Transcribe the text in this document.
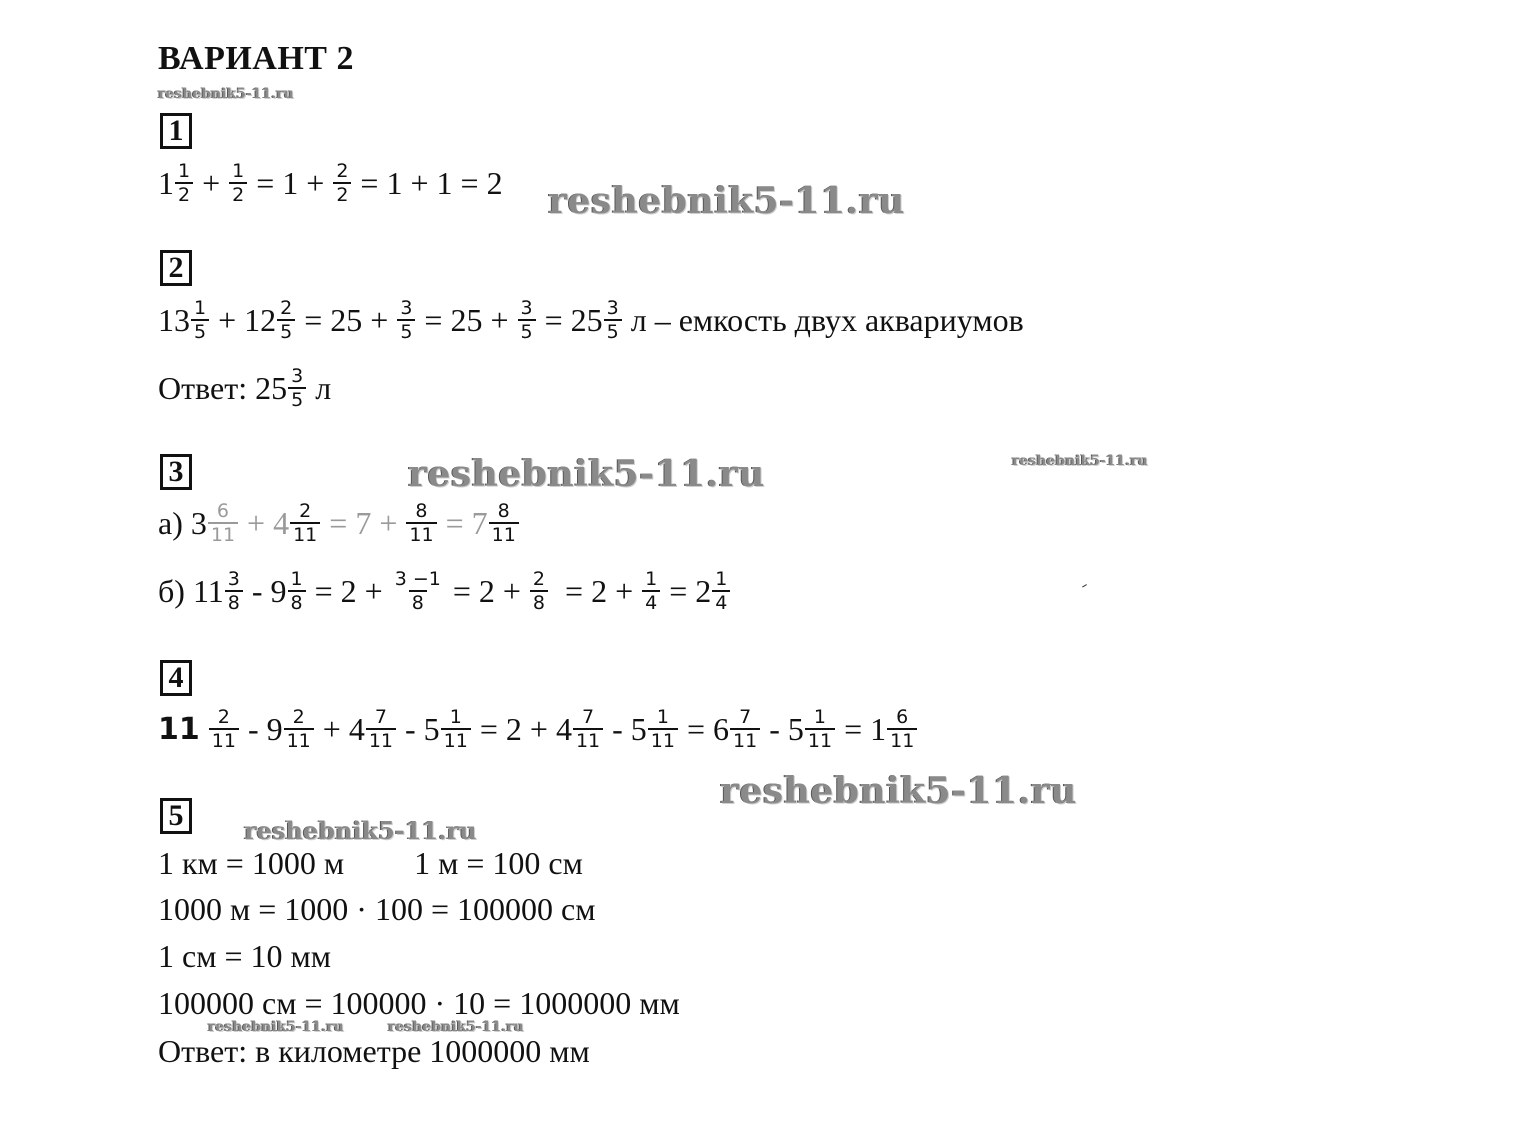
ВАРИАНТ 2
reshebnik5-11.ru
1
$1 \frac{1}{2}$
+
$\frac{1}{2}$
= 1 +
$\frac{2}{2}$
= 1 + 1 = 2 reshebnik5-11.ru
2
$13 \frac{1}{5} + 12 \frac{2}{5} = 25 + \frac{3}{5} = 25 + \frac{3}{5} = 25 \frac{3}{5}$ л – емкость двух аквариумов
Ответ: $25 \frac{3}{5}$ л
3	reshebnik5-11.ru	reshebnik5-11.ru
а) $3 \frac{6}{11} + 4 \frac{2}{11} = 7 + \frac{8}{11} = 7 \frac{8}{11}$
б) $11 \frac{3}{8} - 9 \frac{1}{8} = 2 + \frac{3 -1}{8} = 2 + \frac{2}{8} = 2 + \frac{1}{4} = 2 \frac{1}{4}$
4
11
$\frac{2}{11} - 9 \frac{2}{11} + 4 \frac{7}{11} - 5 \frac{1}{11} = 2 + 4 \frac{7}{11} - 5 \frac{1}{11} = 6 \frac{7}{11} - 5 \frac{1}{11} = 1 \frac{6}{11}$
reshebnik5-11.ru
5	reshebnik5-11.ru
1 км = 1000 м 1 м = 100 см
1000 м = 1000 · 100 = 100000 см
1 см = 10 мм
100000 см = 100000 · 10 = 1000000 мм
reshebnik5-11.ru	reshebnik5-11.ru
Ответ: в километре 1000000 мм
